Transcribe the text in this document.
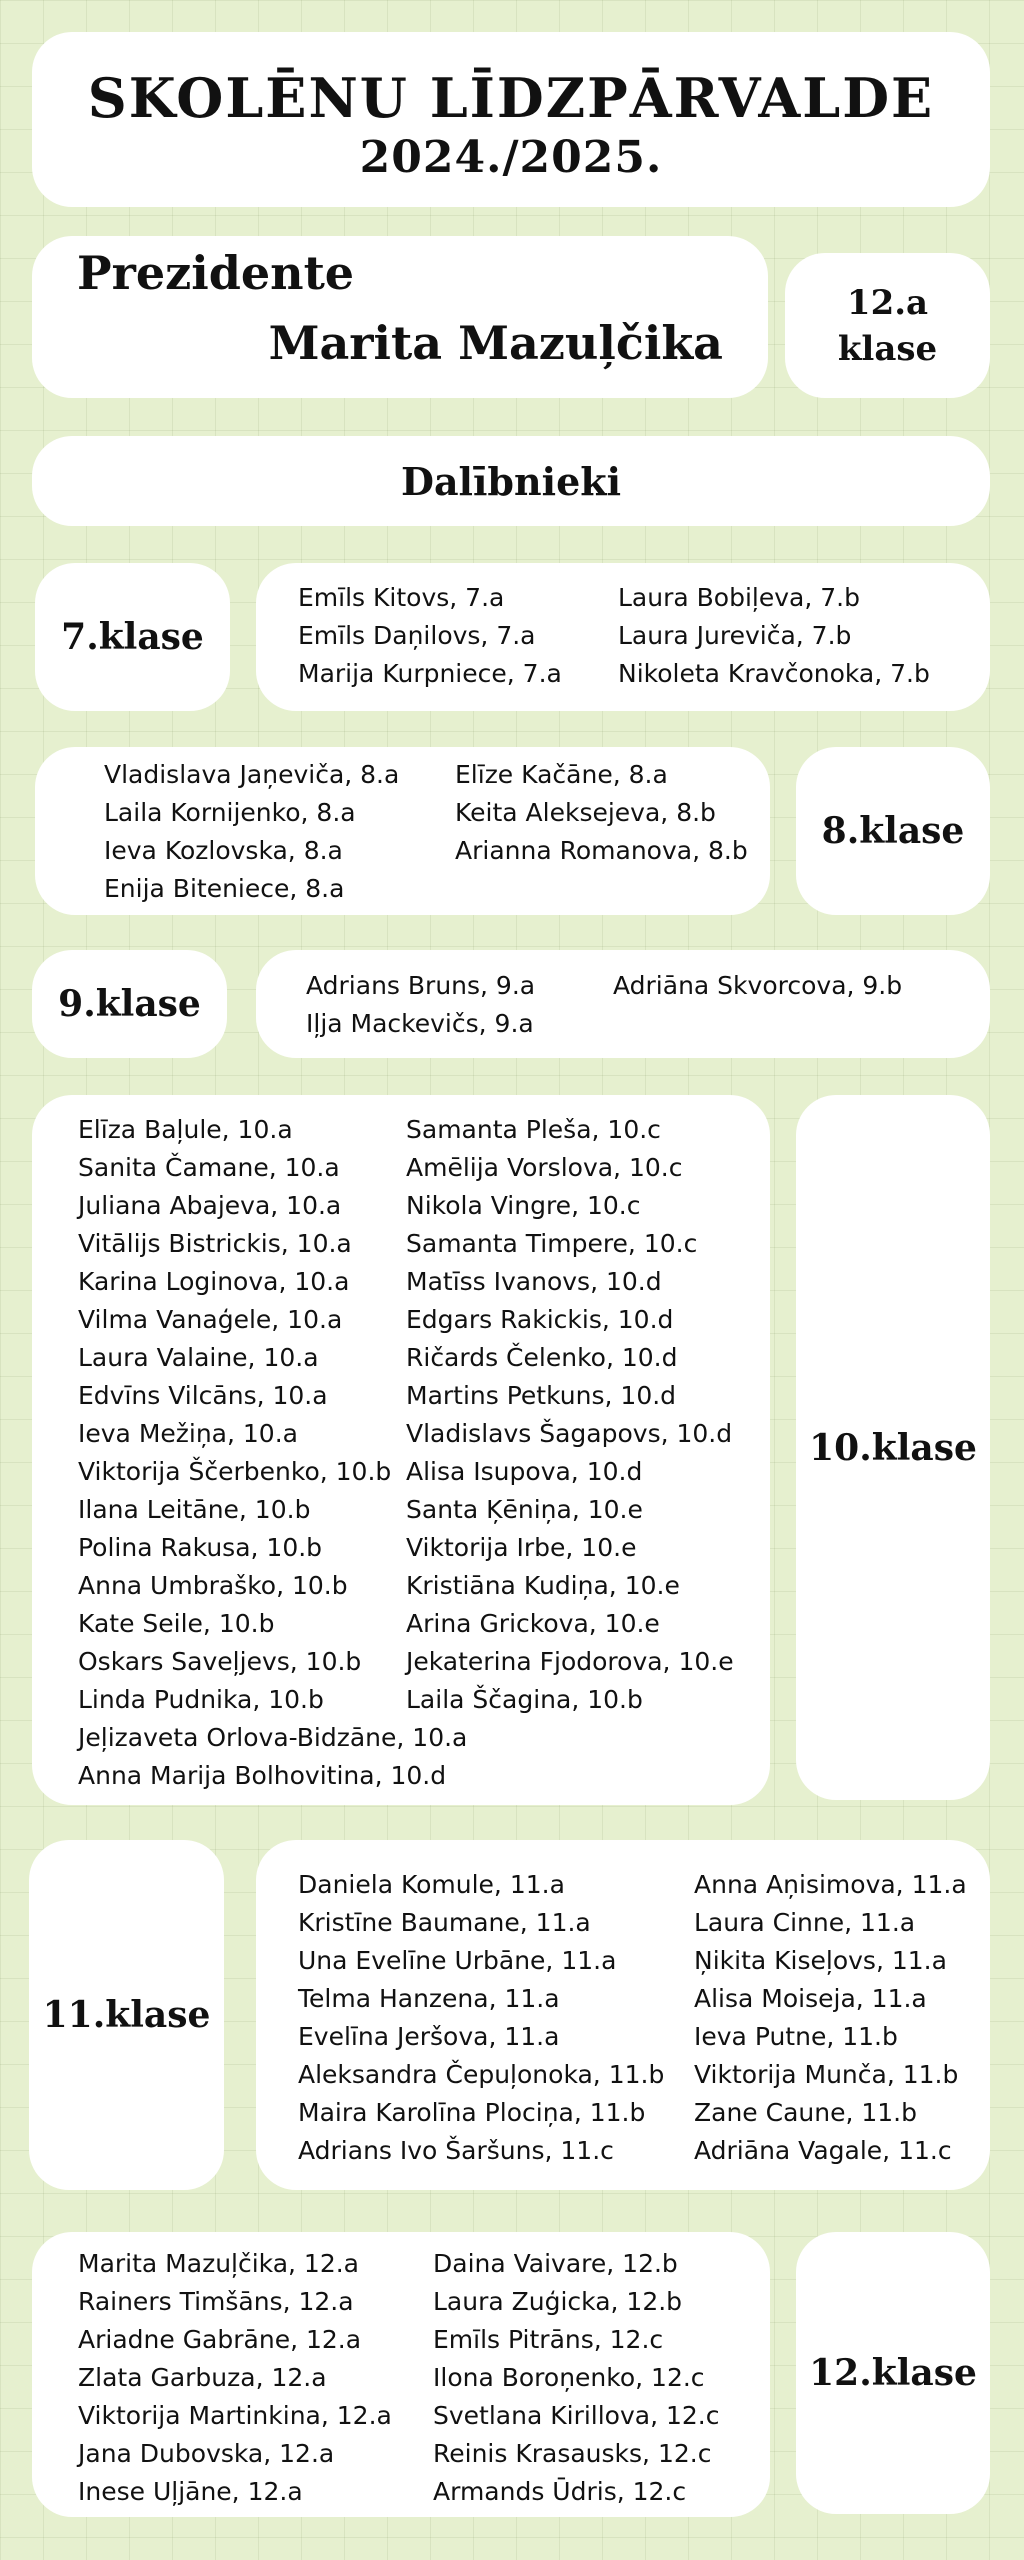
SKOLĒNU LĪDZPĀRVALDE
2024./2025.
Prezidente
Marita Mazuļčika
12.a
klase
Dalībnieki
7.klase
Emīls Kitovs, 7.a
Emīls Daņilovs, 7.a
Marija Kurpniece, 7.a
Laura Bobiļeva, 7.b
Laura Jureviča, 7.b
Nikoleta Kravčonoka, 7.b
Vladislava Jaņeviča, 8.a
Laila Kornijenko, 8.a
Ieva Kozlovska, 8.a
Enija Biteniece, 8.a
Elīze Kačāne, 8.a
Keita Aleksejeva, 8.b
Arianna Romanova, 8.b 8.klase
9.klase	Adrians Bruns, 9.a
Iļja Mackevičs, 9.a
Adriāna Skvorcova, 9.b
Elīza Baļule, 10.a
Sanita Čamane, 10.a
Juliana Abajeva, 10.a
Vitālijs Bistrickis, 10.a
Karina Loginova, 10.a
Vilma Vanaģele, 10.a
Laura Valaine, 10.a
Edvīns Vilcāns, 10.a
Ieva Mežiņa, 10.a
Viktorija Ščerbenko, 10.b
Ilana Leitāne, 10.b
Polina Rakusa, 10.b
Anna Umbraško, 10.b
Kate Seile, 10.b
Oskars Saveļjevs, 10.b
Linda Pudnika, 10.b
Jeļizaveta Orlova-Bidzāne, 10.a
Anna Marija Bolhovitina, 10.d
Samanta Pleša, 10.c
Amēlija Vorslova, 10.c
Nikola Vingre, 10.c
Samanta Timpere, 10.c
Matīss Ivanovs, 10.d
Edgars Rakickis, 10.d
Ričards Čelenko, 10.d
Martins Petkuns, 10.d
Vladislavs Šagapovs, 10.d
Alisa Isupova, 10.d
Santa Ķēniņa, 10.e
Viktorija Irbe, 10.e
Kristiāna Kudiņa, 10.e
Arina Grickova, 10.e
Jekaterina Fjodorova, 10.e
Laila Ščagina, 10.b
10.klase
11.klase
Daniela Komule, 11.a
Kristīne Baumane, 11.a
Una Evelīne Urbāne, 11.a
Telma Hanzena, 11.a
Evelīna Jeršova, 11.a
Aleksandra Čepuļonoka, 11.b
Maira Karolīna Plociņa, 11.b
Adrians Ivo Šaršuns, 11.c
Anna Aņisimova, 11.a
Laura Cinne, 11.a
Ņikita Kiseļovs, 11.a
Alisa Moiseja, 11.a
Ieva Putne, 11.b
Viktorija Munča, 11.b
Zane Caune, 11.b
Adriāna Vagale, 11.c
Marita Mazuļčika, 12.a
Rainers Timšāns, 12.a
Ariadne Gabrāne, 12.a
Zlata Garbuza, 12.a
Viktorija Martinkina, 12.a
Jana Dubovska, 12.a
Inese Uļjāne, 12.a
Daina Vaivare, 12.b
Laura Zuģicka, 12.b
Emīls Pitrāns, 12.c
Ilona Boroņenko, 12.c
Svetlana Kirillova, 12.c
Reinis Krasausks, 12.c
Armands Ūdris, 12.c
12.klase
